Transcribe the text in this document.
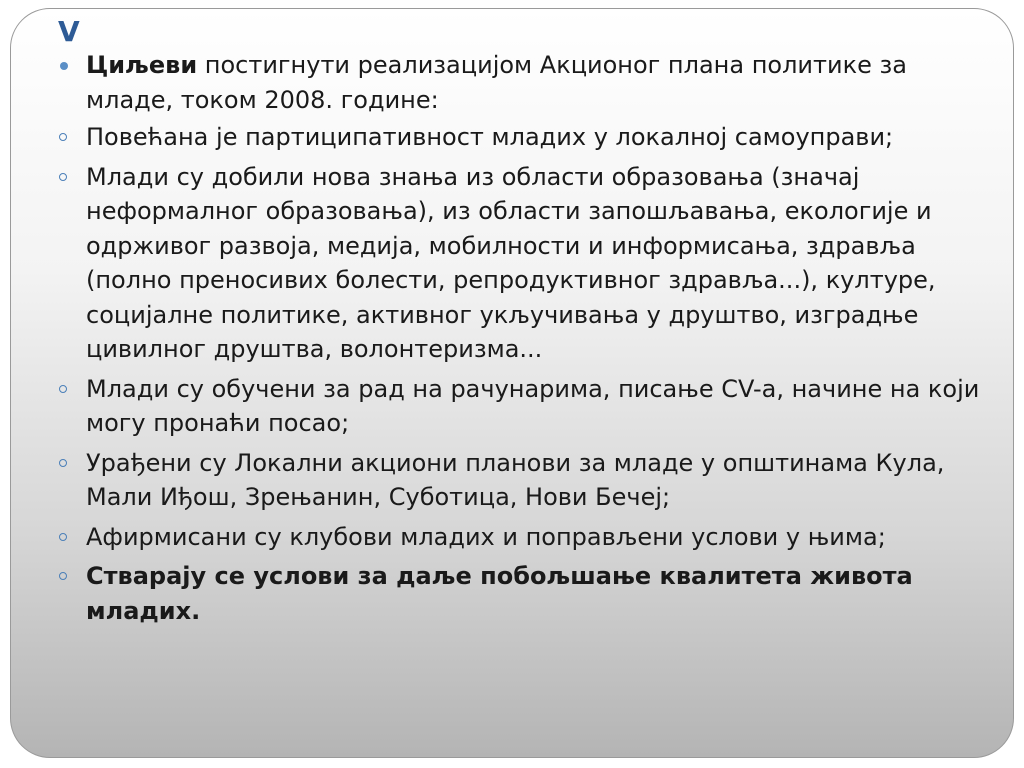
V
Циљеви постигнути реализацијом Акционог плана политике за младе, током 2008. године:
Повећана је партиципативност младих у локалној самоуправи;
Млади су добили нова знања из области образовања (значај неформалног образовања), из области запошљавања, екологије и одрживог развоја, медија, мобилности и информисања, здравља (полно преносивих болести, репродуктивног здравља...), културе, социјалне политике, активног укључивања у друштво, изградње цивилног друштва, волонтеризма...
Млади су обучени за рад на рачунарима, писање CV-а, начине на који могу пронаћи посао;
Урађени су Локални акциони планови за младе у општинама Кула, Мали Иђош, Зрењанин, Суботица, Нови Бечеј;
Афирмисани су клубови младих и поправљени услови у њима;
Стварају се услови за даље побољшање квалитета живота младих.
